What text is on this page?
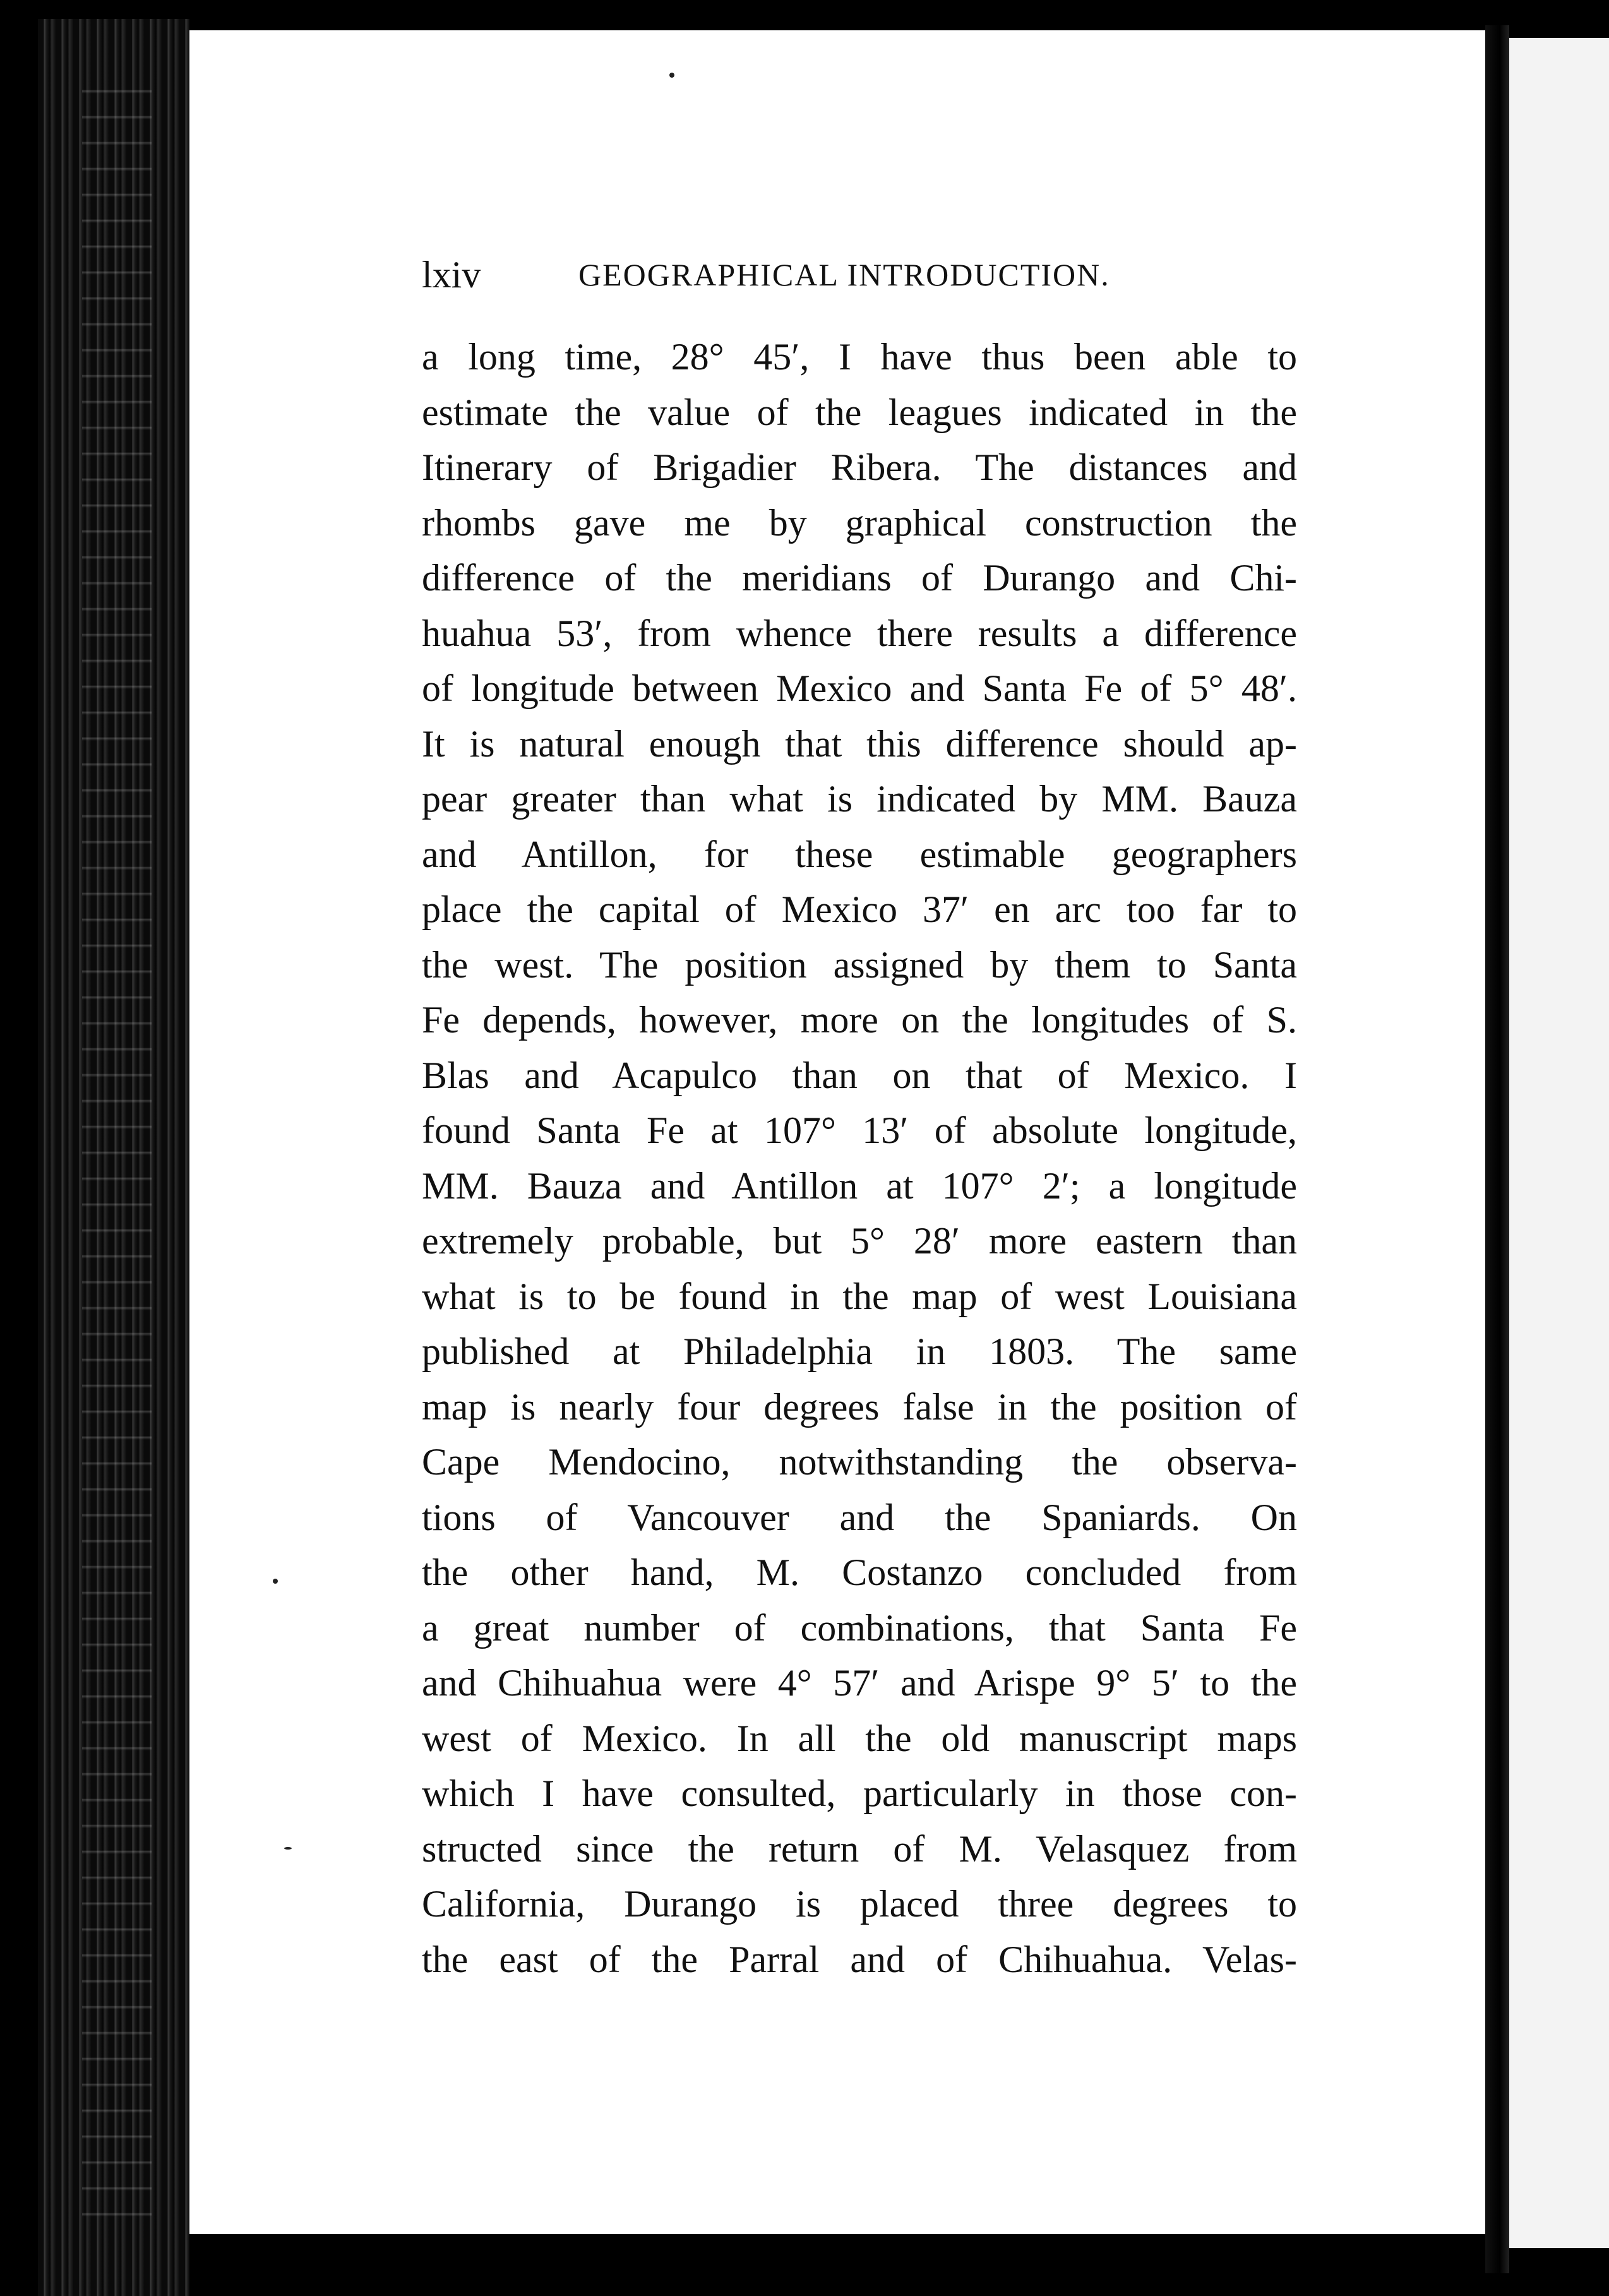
lxiv	GEOGRAPHICAL INTRODUCTION.
a long time, 28° 45′, I have thus been able to
estimate the value of the leagues indicated in the
Itinerary of Brigadier Ribera. The distances and
rhombs gave me by graphical construction the
difference of the meridians of Durango and Chi-
huahua 53′, from whence there results a difference
of longitude between Mexico and Santa Fe of 5° 48′.
It is natural enough that this difference should ap-
pear greater than what is indicated by MM. Bauza
and Antillon, for these estimable geographers
place the capital of Mexico 37′ en arc too far to
the west. The position assigned by them to Santa
Fe depends, however, more on the longitudes of S.
Blas and Acapulco than on that of Mexico. I
found Santa Fe at 107° 13′ of absolute longitude,
MM. Bauza and Antillon at 107° 2′; a longitude
extremely probable, but 5° 28′ more eastern than
what is to be found in the map of west Louisiana
published at Philadelphia in 1803. The same
map is nearly four degrees false in the position of
Cape Mendocino, notwithstanding the observa-
tions of Vancouver and the Spaniards. On
the other hand, M. Costanzo concluded from
a great number of combinations, that Santa Fe
and Chihuahua were 4° 57′ and Arispe 9° 5′ to the
west of Mexico. In all the old manuscript maps
which I have consulted, particularly in those con-
structed since the return of M. Velasquez from
California, Durango is placed three degrees to
the east of the Parral and of Chihuahua. Velas-
